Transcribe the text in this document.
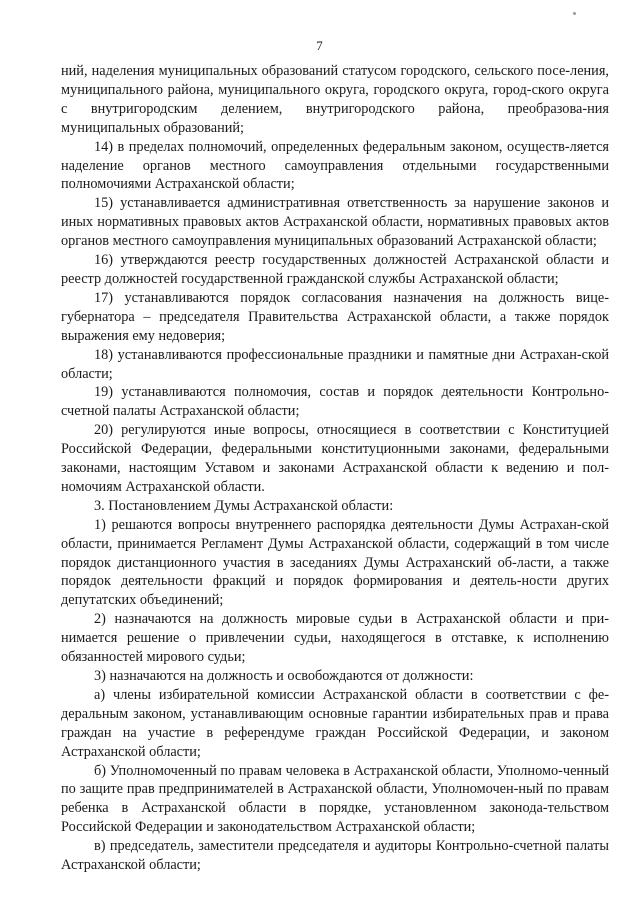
7

ний, наделения муниципальных образований статусом городского, сельского посе-ления, муниципального района, муниципального округа, городского округа, город-ского округа с внутригородским делением, внутригородского района, преобразова-ния муниципальных образований;

14) в пределах полномочий, определенных федеральным законом, осуществ-ляется наделение органов местного самоуправления отдельными государственными полномочиями Астраханской области;

15) устанавливается административная ответственность за нарушение законов и иных нормативных правовых актов Астраханской области, нормативных правовых актов органов местного самоуправления муниципальных образований Астраханской области;

16) утверждаются реестр государственных должностей Астраханской области и реестр должностей государственной гражданской службы Астраханской области;

17) устанавливаются порядок согласования назначения на должность вице-губернатора – председателя Правительства Астраханской области, а также порядок выражения ему недоверия;

18) устанавливаются профессиональные праздники и памятные дни Астрахан-ской области;

19) устанавливаются полномочия, состав и порядок деятельности Контрольно-счетной палаты Астраханской области;

20) регулируются иные вопросы, относящиеся в соответствии с Конституцией Российской Федерации, федеральными конституционными законами, федеральными законами, настоящим Уставом и законами Астраханской области к ведению и пол-номочиям Астраханской области.

3. Постановлением Думы Астраханской области:

1) решаются вопросы внутреннего распорядка деятельности Думы Астрахан-ской области, принимается Регламент Думы Астраханской области, содержащий в том числе порядок дистанционного участия в заседаниях Думы Астраханский об-ласти, а также порядок деятельности фракций и порядок формирования и деятель-ности других депутатских объединений;

2) назначаются на должность мировые судьи в Астраханской области и при-нимается решение о привлечении судьи, находящегося в отставке, к исполнению обязанностей мирового судьи;

3) назначаются на должность и освобождаются от должности:

а) члены избирательной комиссии Астраханской области в соответствии с фе-деральным законом, устанавливающим основные гарантии избирательных прав и права граждан на участие в референдуме граждан Российской Федерации, и законом Астраханской области;

б) Уполномоченный по правам человека в Астраханской области, Уполномо-ченный по защите прав предпринимателей в Астраханской области, Уполномочен-ный по правам ребенка в Астраханской области в порядке, установленном законода-тельством Российской Федерации и законодательством Астраханской области;

в) председатель, заместители председателя и аудиторы Контрольно-счетной палаты Астраханской области;
